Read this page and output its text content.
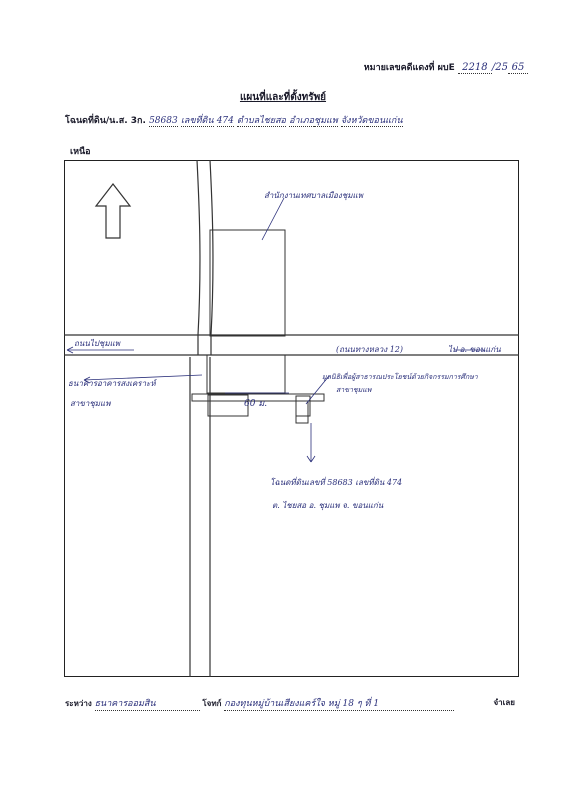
หมายเลขคดีแดงที่ ผบE 2218 /25 65
แผนที่และที่ตั้งทรัพย์
โฉนดที่ดิน/น.ส. 3ก. 58683 เลขที่ดิน 474 ตำบลไชยสอ อำเภอชุมแพ จังหวัดขอนแก่น
เหนือ
สำนักงานเทศบาลเมืองชุมแพ
ถนนไปชุมแพ
(ถนนทางหลวง 12)	ไป อ. ขอนแก่น
ธนาคารอาคารสงเคราะห์
สาขาชุมแพ
มูลนิธิเพื่อผู้สาธารณประโยชน์ด้วยกิจกรรมการศึกษา
สาขาชุมแพ
60 ม.
โฉนดที่ดินเลขที่ 58683 เลขที่ดิน 474
ต. ไชยสอ อ. ชุมแพ จ. ขอนแก่น
ระหว่าง ธนาคารออมสิน	โจทก์ กองทุนหมู่บ้านเสียงแคร์ใจ หมู่ 18 ๆ ที่ 1	จำเลย
